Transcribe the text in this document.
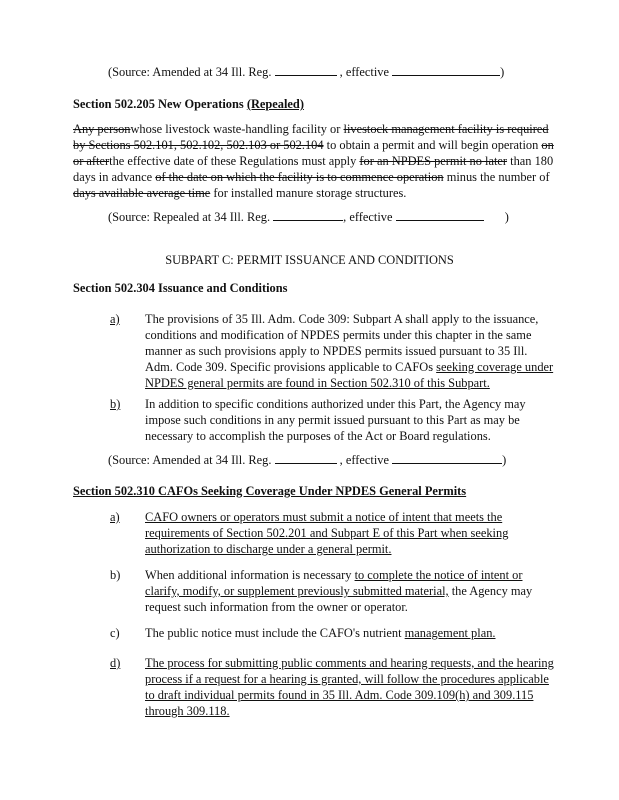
(Source: Amended at 34 Ill. Reg.	, effective	)
Section 502.205 New Operations (Repealed)
Any personwhose livestock waste-handling facility or livestock management facility is required
by Sections 502.101, 502.102, 502.103 or 502.104 to obtain a permit and will begin operation on
or afterthe effective date of these Regulations must apply for an NPDES permit no later than 180
days in advance of the date on which the facility is to commence operation minus the number of
days available average time for installed manure storage structures.
(Source: Repealed at 34 Ill. Reg.	, effective	)
SUBPART C: PERMIT ISSUANCE AND CONDITIONS
Section 502.304 Issuance and Conditions
a) The provisions of 35 Ill. Adm. Code 309: Subpart A shall apply to the issuance,
conditions and modification of NPDES permits under this chapter in the same
manner as such provisions apply to NPDES permits issued pursuant to 35 Ill.
Adm. Code 309. Specific provisions applicable to CAFOs seeking coverage under
NPDES general permits are found in Section 502.310 of this Subpart.
b) In addition to specific conditions authorized under this Part, the Agency may
impose such conditions in any permit issued pursuant to this Part as may be
necessary to accomplish the purposes of the Act or Board regulations.
(Source: Amended at 34 Ill. Reg.	, effective	)
Section 502.310 CAFOs Seeking Coverage Under NPDES General Permits
a) CAFO owners or operators must submit a notice of intent that meets the
requirements of Section 502.201 and Subpart E of this Part when seeking
authorization to discharge under a general permit.
b) When additional information is necessary to complete the notice of intent or
clarify, modify, or supplement previously submitted material, the Agency may
request such information from the owner or operator.
c) The public notice must include the CAFO's nutrient management plan.
d) The process for submitting public comments and hearing requests, and the hearing
process if a request for a hearing is granted, will follow the procedures applicable
to draft individual permits found in 35 Ill. Adm. Code 309.109(h) and 309.115
through 309.118.
